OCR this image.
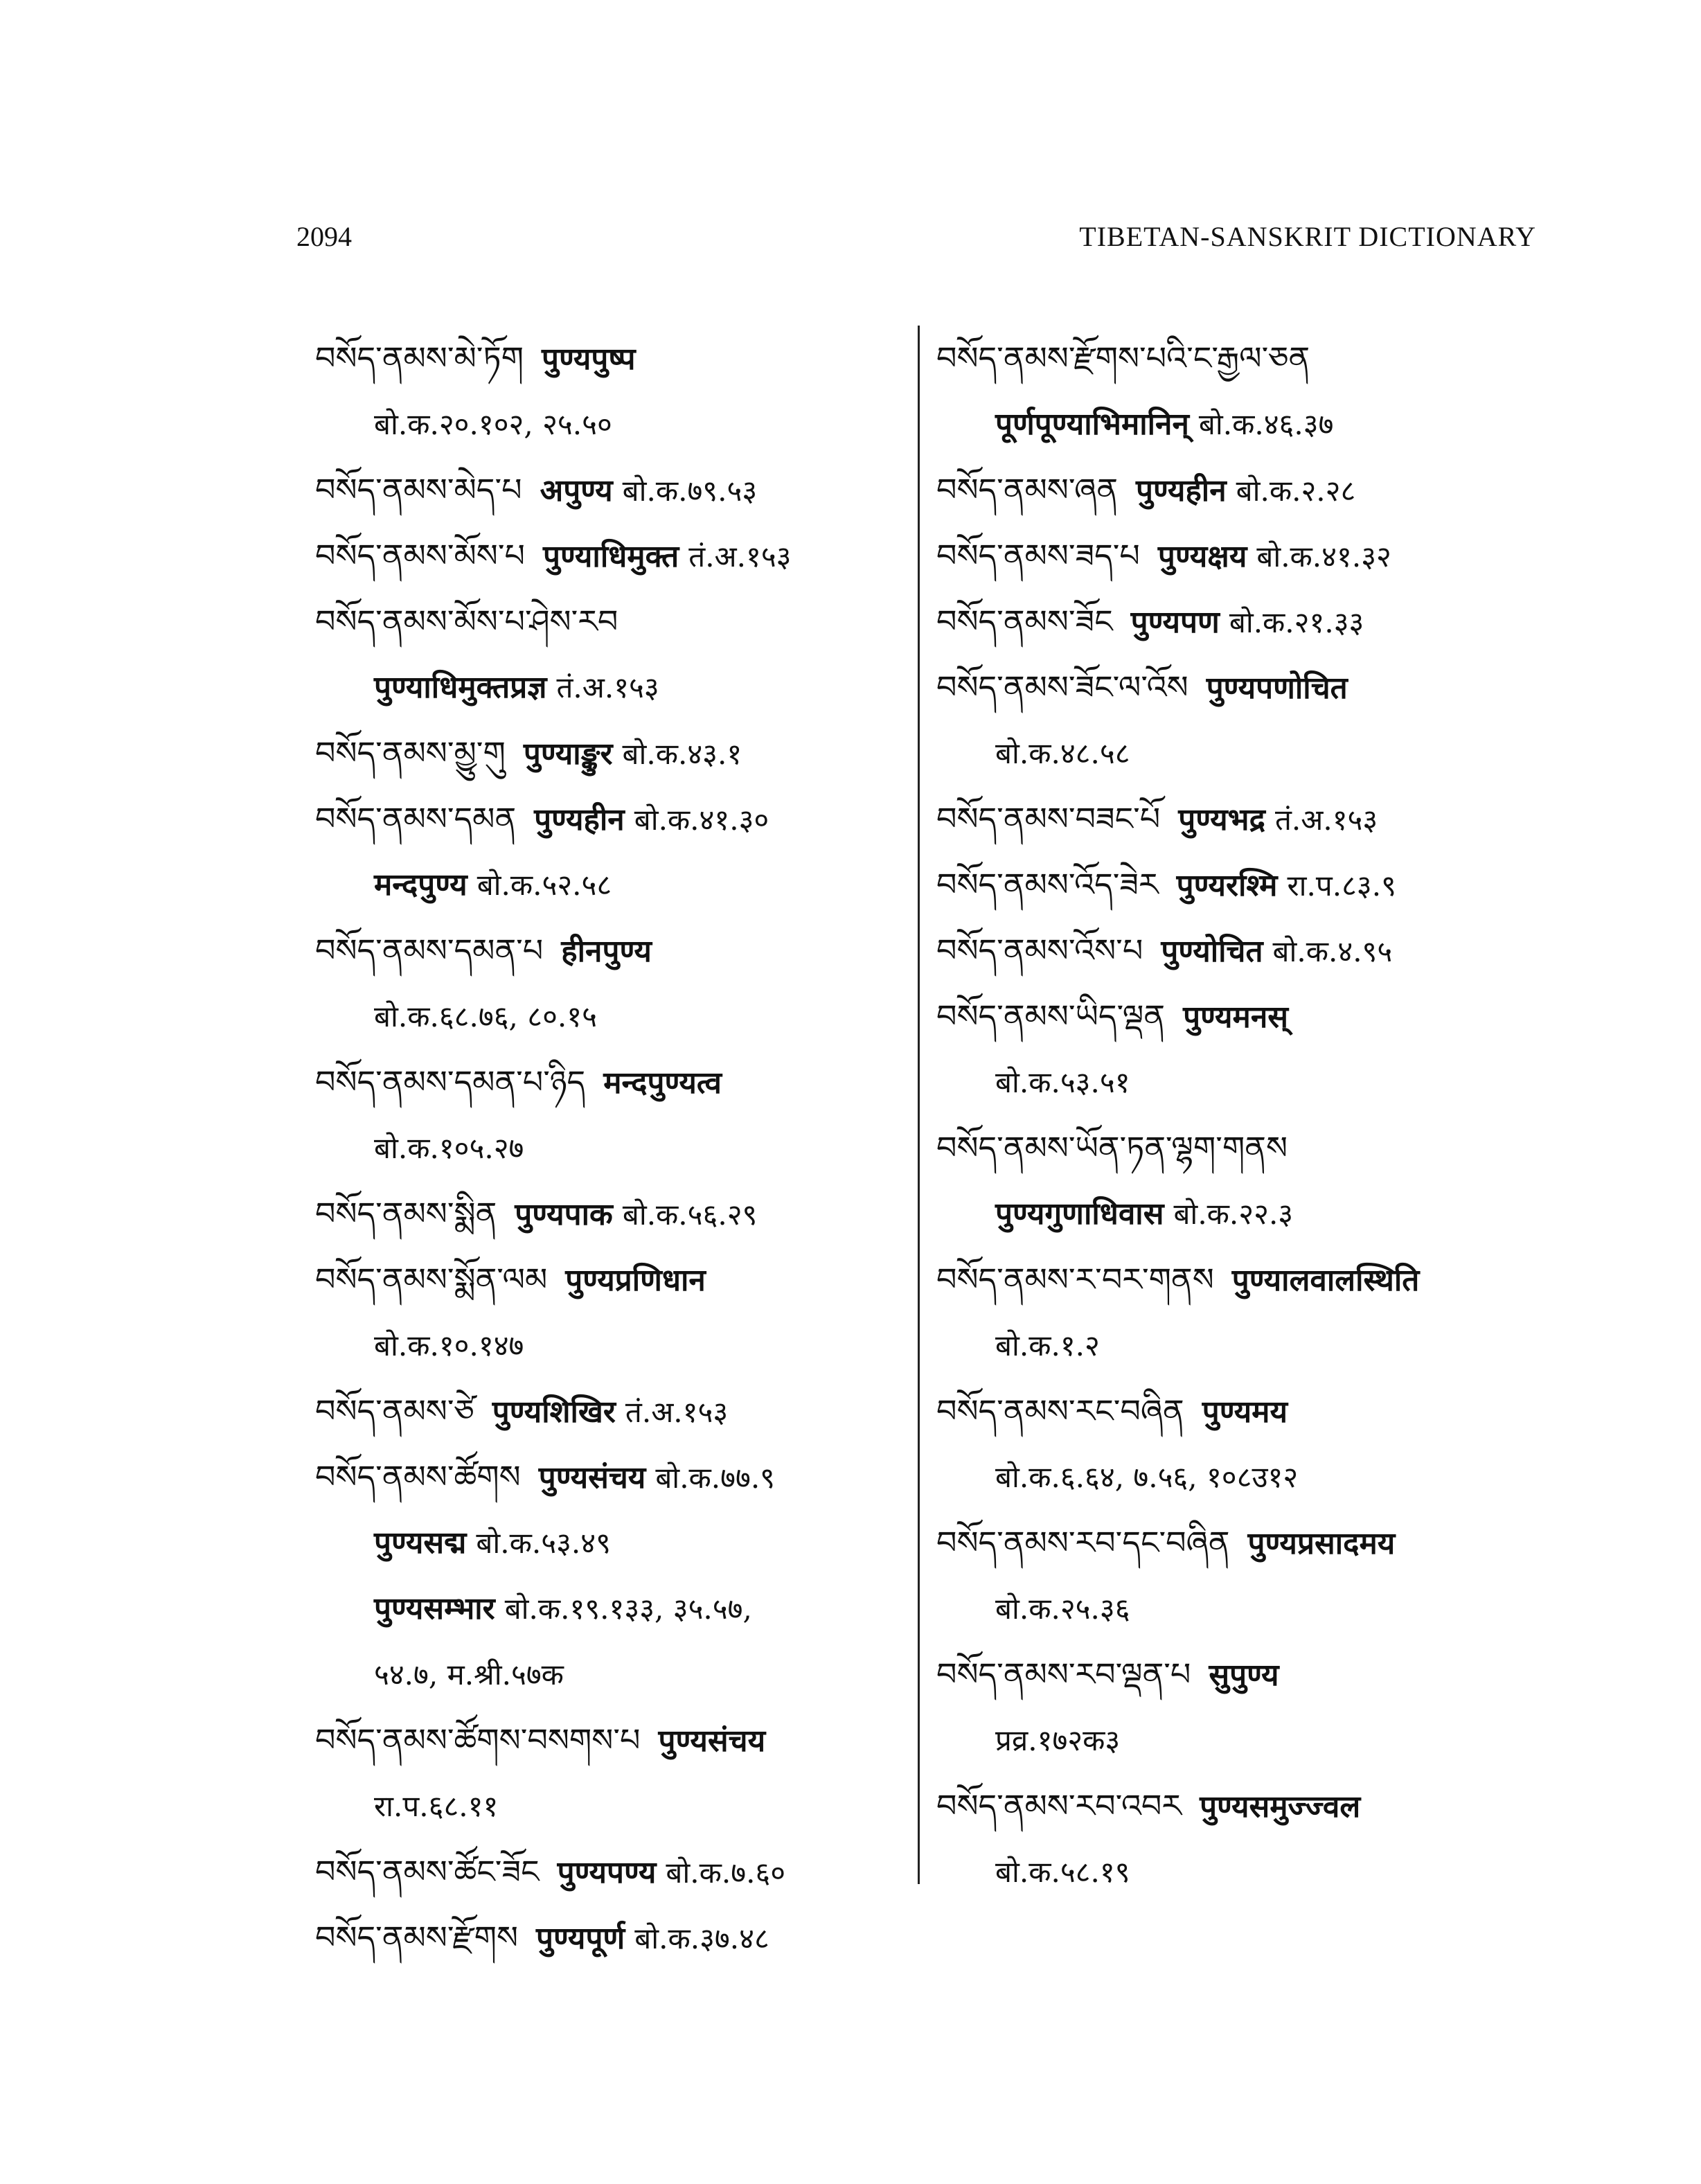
2094	TIBETAN-SANSKRIT DICTIONARY
བསོད་ནམས་མེ་ཏོག पुण्यपुष्प
बो.क.२०.१०२, २५.५०
བསོད་ནམས་མེད་པ अपुण्य बो.क.७९.५३
བསོད་ནམས་མོས་པ पुण्याधिमुक्त तं.अ.१५३
བསོད་ནམས་མོས་པ་ཤེས་རབ
पुण्याधिमुक्तप्रज्ञ तं.अ.१५३
བསོད་ནམས་མྱུ་གུ पुण्याङ्कुर बो.क.४३.१
བསོད་ནམས་དམན पुण्यहीन बो.क.४१.३०
मन्दपुण्य बो.क.५२.५८
བསོད་ནམས་དམན་པ हीनपुण्य
बो.क.६८.७६, ८०.१५
བསོད་ནམས་དམན་པ་ཉིད मन्दपुण्यत्व
बो.क.१०५.२७
བསོད་ནམས་སྨིན पुण्यपाक बो.क.५६.२९
བསོད་ནམས་སྨོན་ལམ पुण्यप्रणिधान
बो.क.१०.१४७
བསོད་ནམས་ཙེ पुण्यशिखिर तं.अ.१५३
བསོད་ནམས་ཚོགས पुण्यसंचय बो.क.७७.९
पुण्यसद्म बो.क.५३.४९
पुण्यसम्भार बो.क.१९.१३३, ३५.५७,
५४.७, म.श्री.५७क
བསོད་ནམས་ཚོགས་བསགས་པ पुण्यसंचय
रा.प.६८.११
བསོད་ནམས་ཚོང་ཟོང पुण्यपण्य बो.क.७.६०
བསོད་ནམས་རྫོགས पुण्यपूर्ण बो.क.३७.४८
བསོད་ནམས་རྫོགས་པའི་ང་རྒྱལ་ཅན
पूर्णपूण्याभिमानिन् बो.क.४६.३७
བསོད་ནམས་ཞན पुण्यहीन बो.क.२.२८
བསོད་ནམས་ཟད་པ पुण्यक्षय बो.क.४१.३२
བསོད་ནམས་ཟོང पुण्यपण बो.क.२१.३३
བསོད་ནམས་ཟོང་ལ་འོས पुण्यपणोचित
बो.क.४८.५८
བསོད་ནམས་བཟང་པོ पुण्यभद्र तं.अ.१५३
བསོད་ནམས་འོད་ཟེར पुण्यरश्मि रा.प.८३.९
བསོད་ནམས་འོས་པ पुण्योचित बो.क.४.९५
བསོད་ནམས་ཡིད་ལྡན पुण्यमनस्
बो.क.५३.५१
བསོད་ནམས་ཡོན་ཏན་ལྷག་གནས
पुण्यगुणाधिवास बो.क.२२.३
བསོད་ནམས་ར་བར་གནས पुण्यालवालस्थिति
बो.क.१.२
བསོད་ནམས་རང་བཞིན पुण्यमय
बो.क.६.६४, ७.५६, १०८उ१२
བསོད་ནམས་རབ་དང་བཞིན पुण्यप्रसादमय
बो.क.२५.३६
བསོད་ནམས་རབ་ལྡན་པ सुपुण्य
प्रव्र.१७२क३
བསོད་ནམས་རབ་འབར पुण्यसमुज्ज्वल
बो.क.५८.१९
